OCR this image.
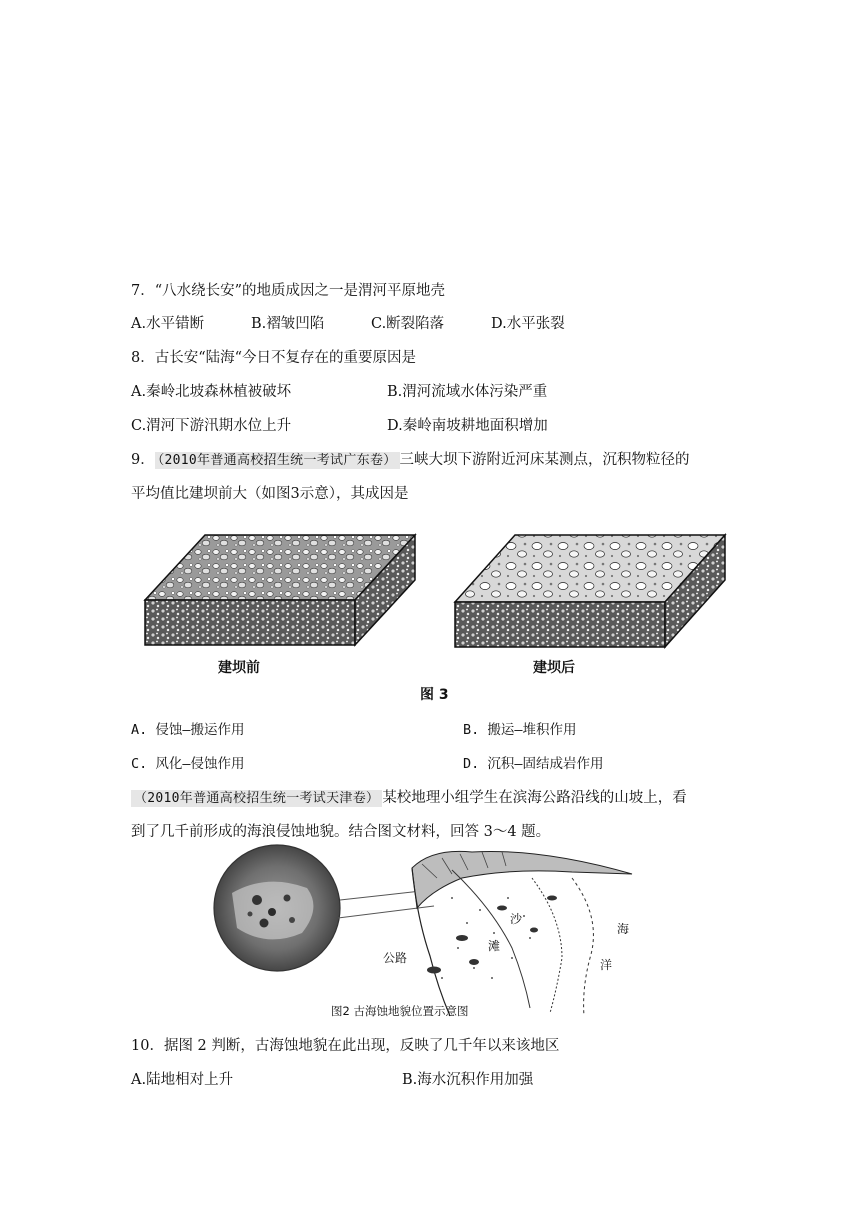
7．“八水绕长安”的地质成因之一是渭河平原地壳
A.水平错断	B.褶皱凹陷	C.断裂陷落	D.水平张裂
8．古长安“陆海“今日不复存在的重要原因是
A.秦岭北坡森林植被破坏	B.渭河流域水体污染严重
C.渭河下游汛期水位上升	D.秦岭南坡耕地面积增加
9． （2010年普通高校招生统一考试广东卷） 三峡大坝下游附近河床某测点，沉积物粒径的
平均值比建坝前大（如图3示意），其成因是
建坝前	建坝后
图 3
A. 侵蚀—搬运作用	B. 搬运—堆积作用
C. 风化—侵蚀作用	D. 沉积—固结成岩作用
（2010年普通高校招生统一考试天津卷） 某校地理小组学生在滨海公路沿线的山坡上，看
到了几千前形成的海浪侵蚀地貌。结合图文材料，回答 3～4 题。
公路
沙
滩
海
洋
图2 古海蚀地貌位置示意图
10．据图 2 判断，古海蚀地貌在此出现，反映了几千年以来该地区
A.陆地相对上升	B.海水沉积作用加强
